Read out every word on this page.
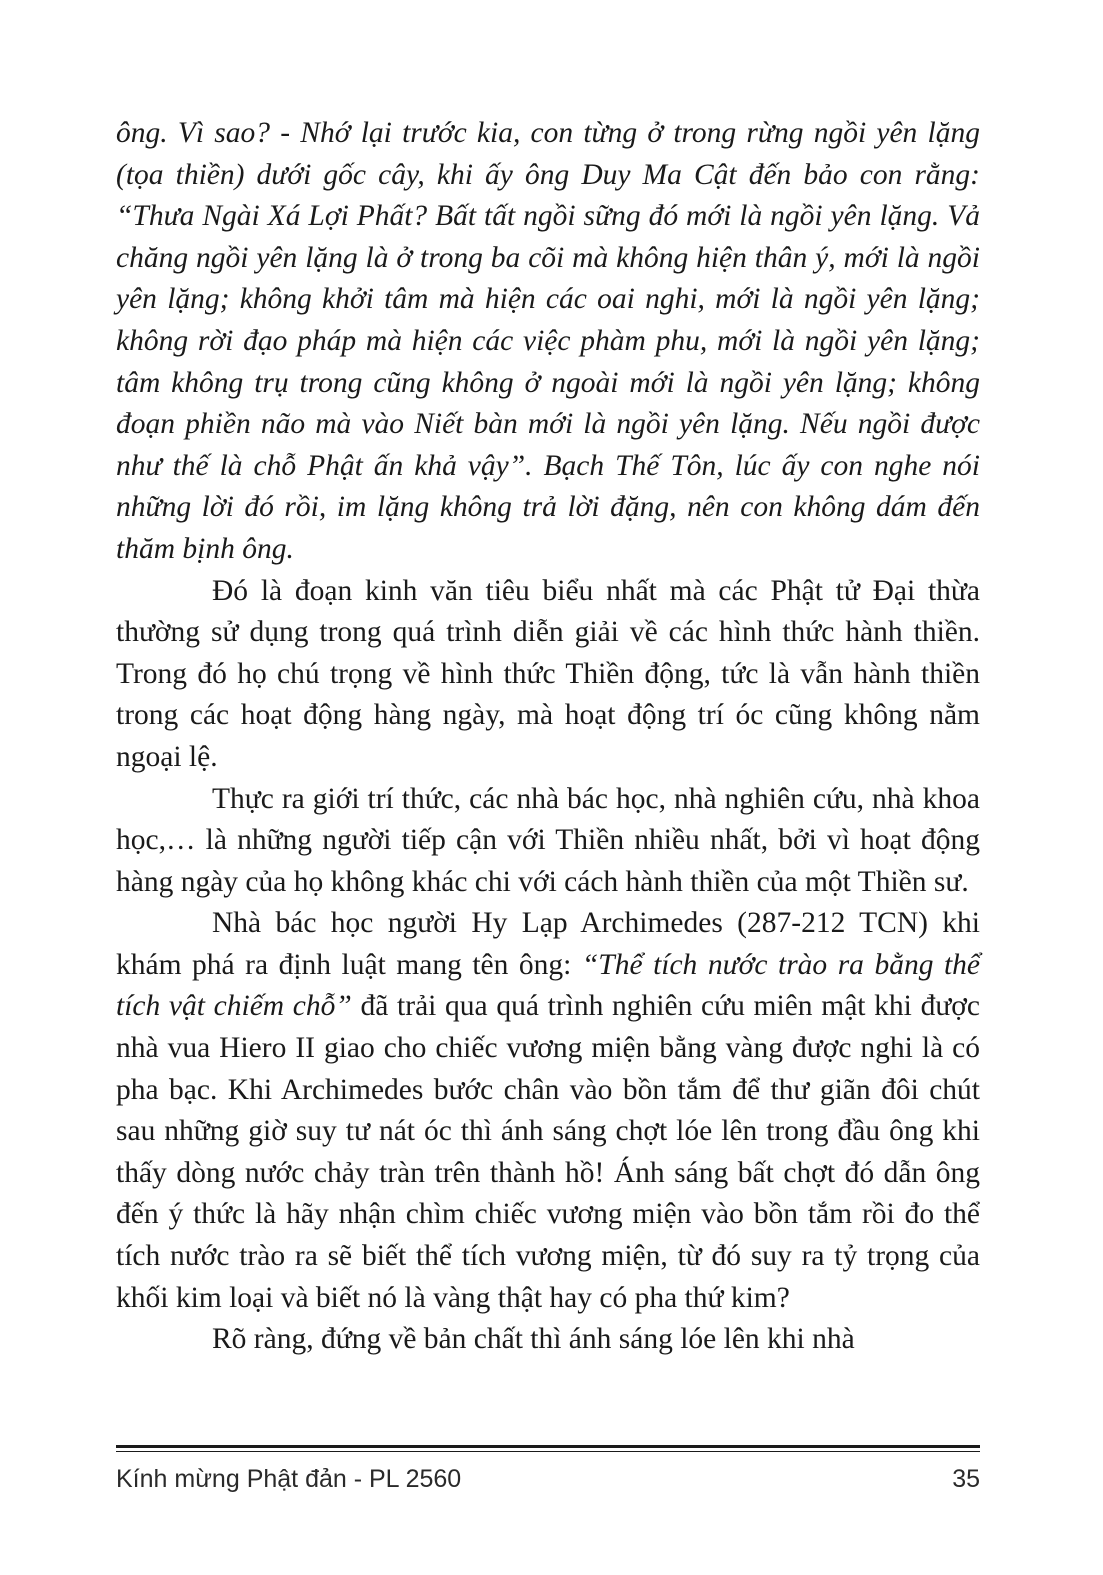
ông. Vì sao? - Nhớ lại trước kia, con từng ở trong rừng ngồi yên lặng (tọa thiền) dưới gốc cây, khi ấy ông Duy Ma Cật đến bảo con rằng: “Thưa Ngài Xá Lợi Phất? Bất tất ngồi sững đó mới là ngồi yên lặng. Vả chăng ngồi yên lặng là ở trong ba cõi mà không hiện thân ý, mới là ngồi yên lặng; không khởi tâm mà hiện các oai nghi, mới là ngồi yên lặng; không rời đạo pháp mà hiện các việc phàm phu, mới là ngồi yên lặng; tâm không trụ trong cũng không ở ngoài mới là ngồi yên lặng; không đoạn phiền não mà vào Niết bàn mới là ngồi yên lặng. Nếu ngồi được như thế là chỗ Phật ấn khả vậy”. Bạch Thế Tôn, lúc ấy con nghe nói những lời đó rồi, im lặng không trả lời đặng, nên con không dám đến thăm bịnh ông.

Đó là đoạn kinh văn tiêu biểu nhất mà các Phật tử Đại thừa thường sử dụng trong quá trình diễn giải về các hình thức hành thiền. Trong đó họ chú trọng về hình thức Thiền động, tức là vẫn hành thiền trong các hoạt động hàng ngày, mà hoạt động trí óc cũng không nằm ngoại lệ.

Thực ra giới trí thức, các nhà bác học, nhà nghiên cứu, nhà khoa học,… là những người tiếp cận với Thiền nhiều nhất, bởi vì hoạt động hàng ngày của họ không khác chi với cách hành thiền của một Thiền sư.

Nhà bác học người Hy Lạp Archimedes (287-212 TCN) khi khám phá ra định luật mang tên ông: “Thể tích nước trào ra bằng thể tích vật chiếm chỗ” đã trải qua quá trình nghiên cứu miên mật khi được nhà vua Hiero II giao cho chiếc vương miện bằng vàng được nghi là có pha bạc. Khi Archimedes bước chân vào bồn tắm để thư giãn đôi chút sau những giờ suy tư nát óc thì ánh sáng chợt lóe lên trong đầu ông khi thấy dòng nước chảy tràn trên thành hồ! Ánh sáng bất chợt đó dẫn ông đến ý thức là hãy nhận chìm chiếc vương miện vào bồn tắm rồi đo thể tích nước trào ra sẽ biết thể tích vương miện, từ đó suy ra tỷ trọng của khối kim loại và biết nó là vàng thật hay có pha thứ kim?

Rõ ràng, đứng về bản chất thì ánh sáng lóe lên khi nhà

Kính mừng Phật đản - PL 2560	35
